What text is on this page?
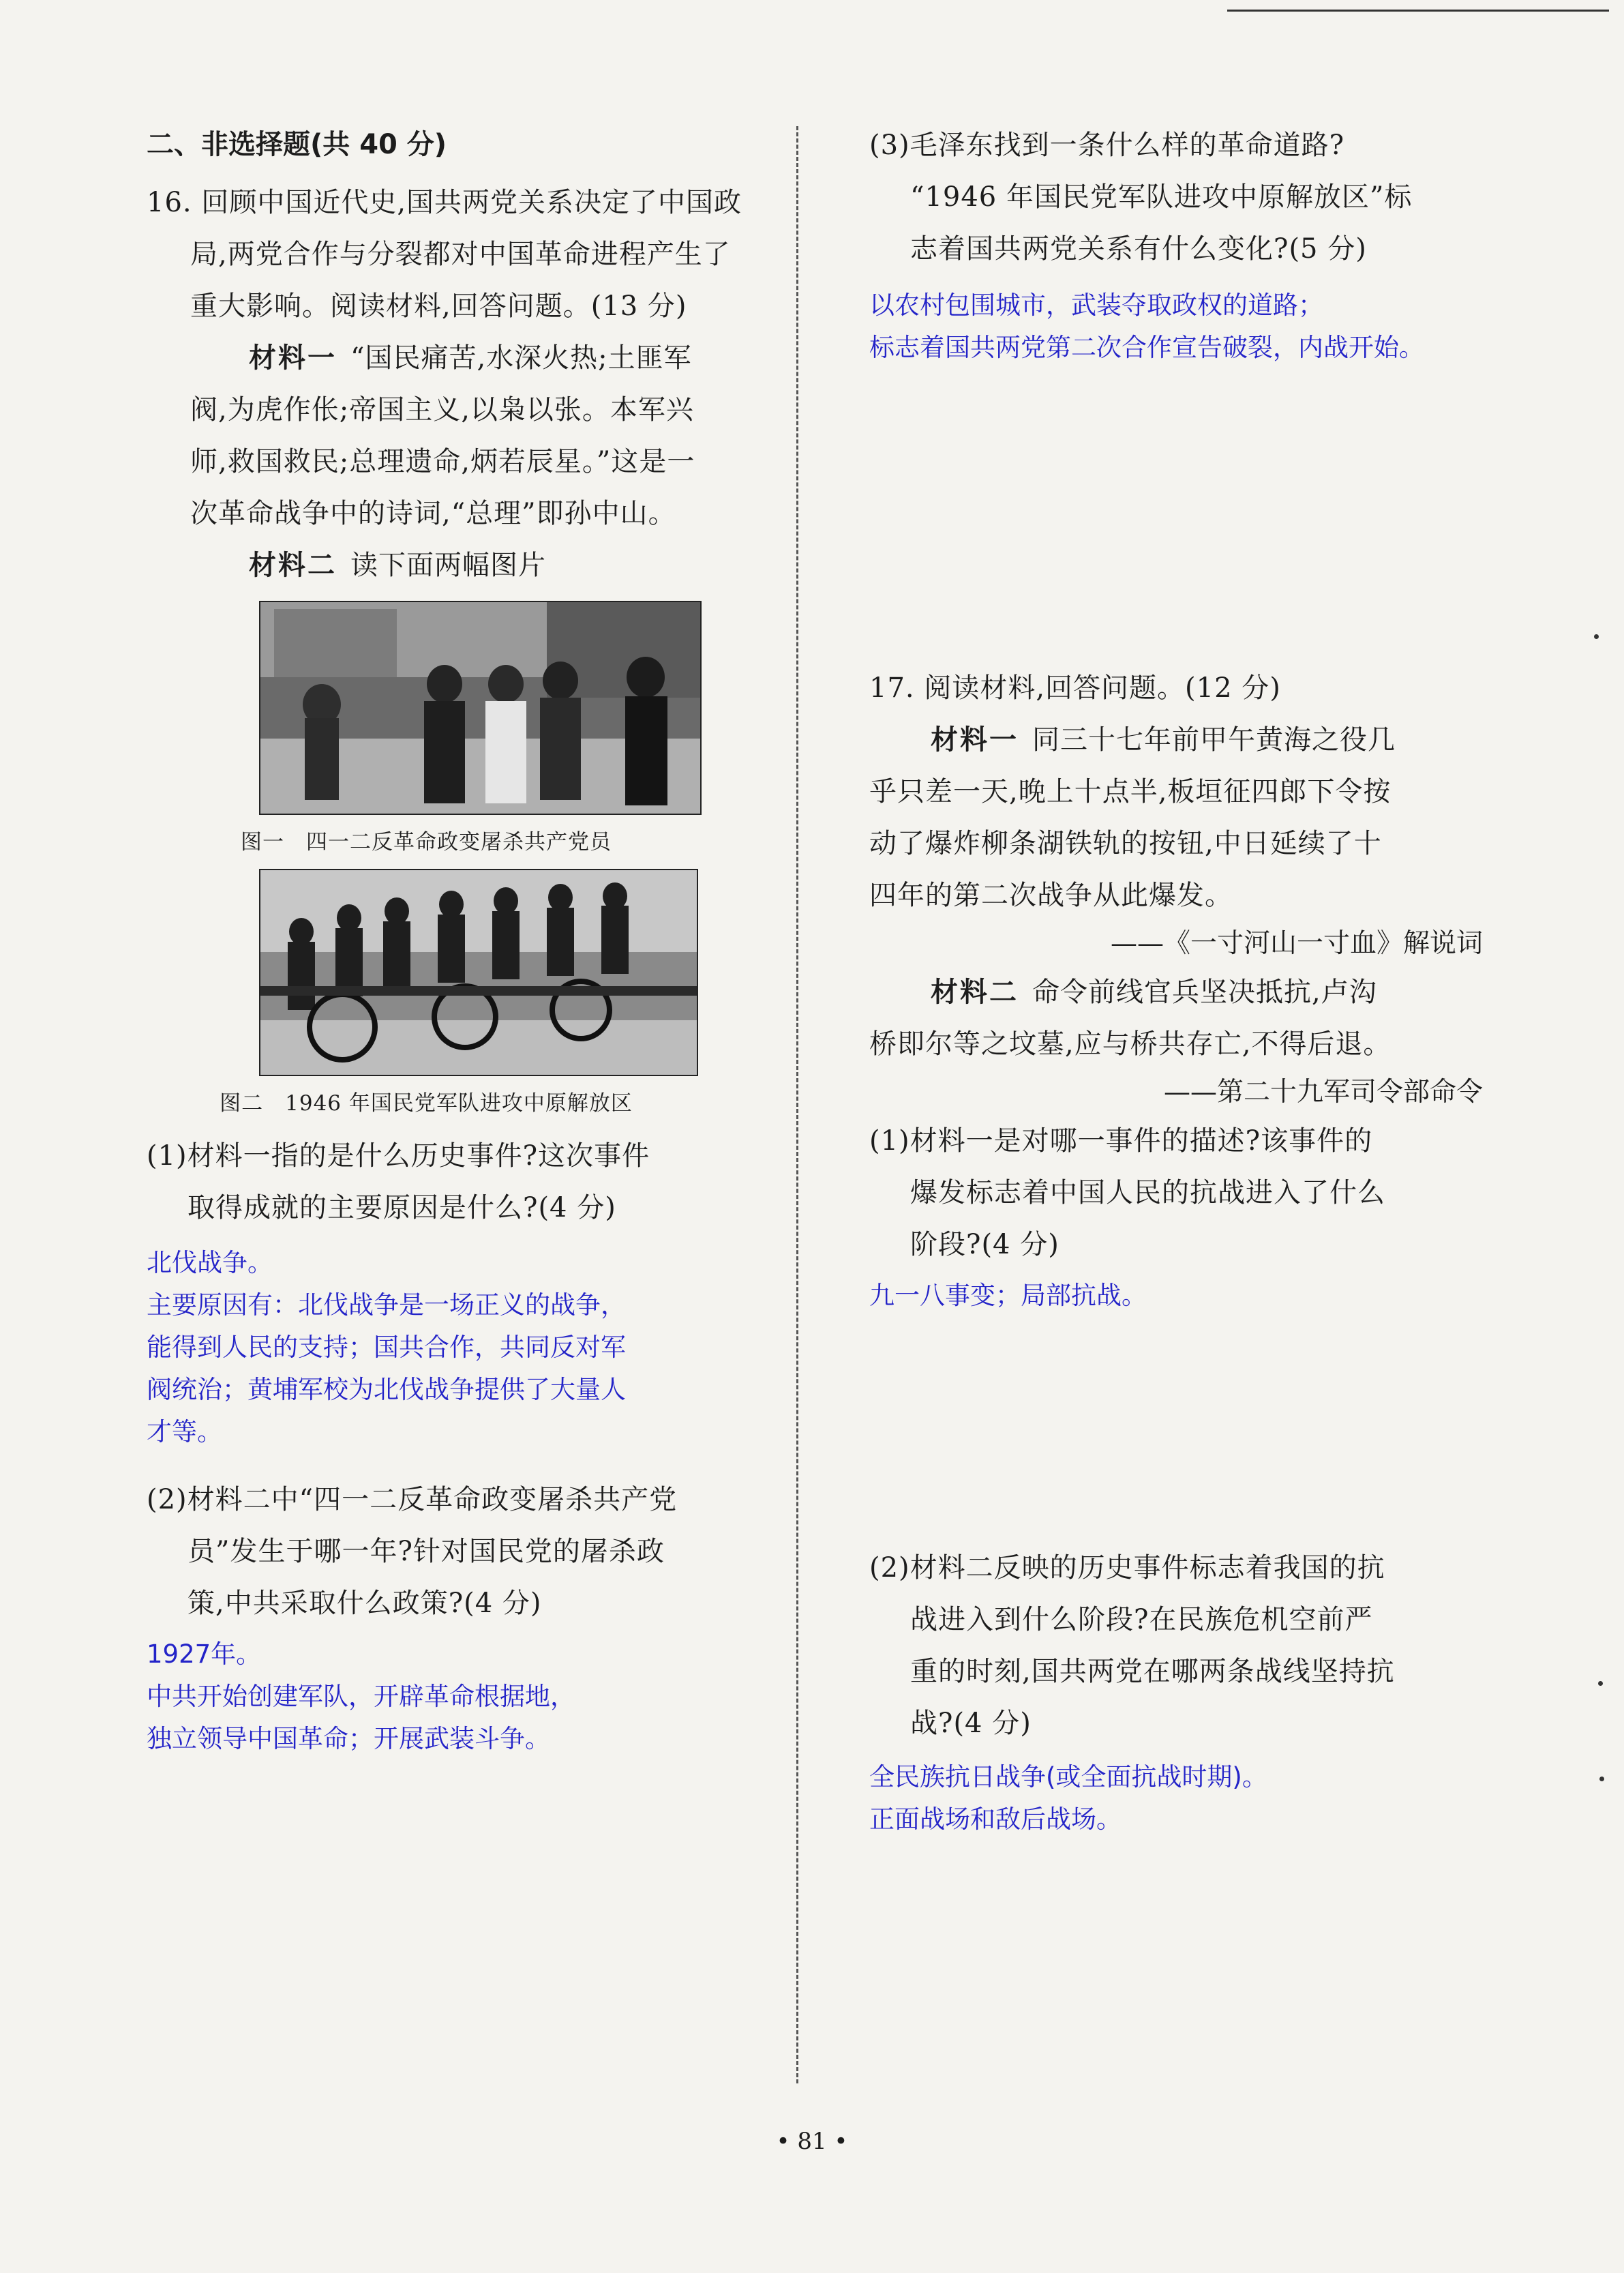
二、非选择题(共 40 分)

16. 回顾中国近代史,国共两党关系决定了中国政

局,两党合作与分裂都对中国革命进程产生了

重大影响。阅读材料,回答问题。(13 分)

材料一 “国民痛苦,水深火热;土匪军

阀,为虎作伥;帝国主义,以枭以张。本军兴

师,救国救民;总理遗命,炳若辰星。”这是一

次革命战争中的诗词,“总理”即孙中山。

材料二 读下面两幅图片

图一　四一二反革命政变屠杀共产党员
图二　1946 年国民党军队进攻中原解放区

(1)材料一指的是什么历史事件?这次事件

取得成就的主要原因是什么?(4 分)

北伐战争。

主要原因有：北伐战争是一场正义的战争，

能得到人民的支持；国共合作，共同反对军

阀统治；黄埔军校为北伐战争提供了大量人

才等。

(2)材料二中“四一二反革命政变屠杀共产党

员”发生于哪一年?针对国民党的屠杀政

策,中共采取什么政策?(4 分)

1927年。

中共开始创建军队，开辟革命根据地，

独立领导中国革命；开展武装斗争。

(3)毛泽东找到一条什么样的革命道路?

“1946 年国民党军队进攻中原解放区”标

志着国共两党关系有什么变化?(5 分)

以农村包围城市，武装夺取政权的道路；

标志着国共两党第二次合作宣告破裂，内战开始。

17. 阅读材料,回答问题。(12 分)

材料一 同三十七年前甲午黄海之役几

乎只差一天,晚上十点半,板垣征四郎下令按

动了爆炸柳条湖铁轨的按钮,中日延续了十

四年的第二次战争从此爆发。

——《一寸河山一寸血》解说词

材料二 命令前线官兵坚决抵抗,卢沟

桥即尔等之坟墓,应与桥共存亡,不得后退。

——第二十九军司令部命令

(1)材料一是对哪一事件的描述?该事件的

爆发标志着中国人民的抗战进入了什么

阶段?(4 分)

九一八事变；局部抗战。

(2)材料二反映的历史事件标志着我国的抗

战进入到什么阶段?在民族危机空前严

重的时刻,国共两党在哪两条战线坚持抗

战?(4 分)

全民族抗日战争(或全面抗战时期)。

正面战场和敌后战场。

• 81 •
